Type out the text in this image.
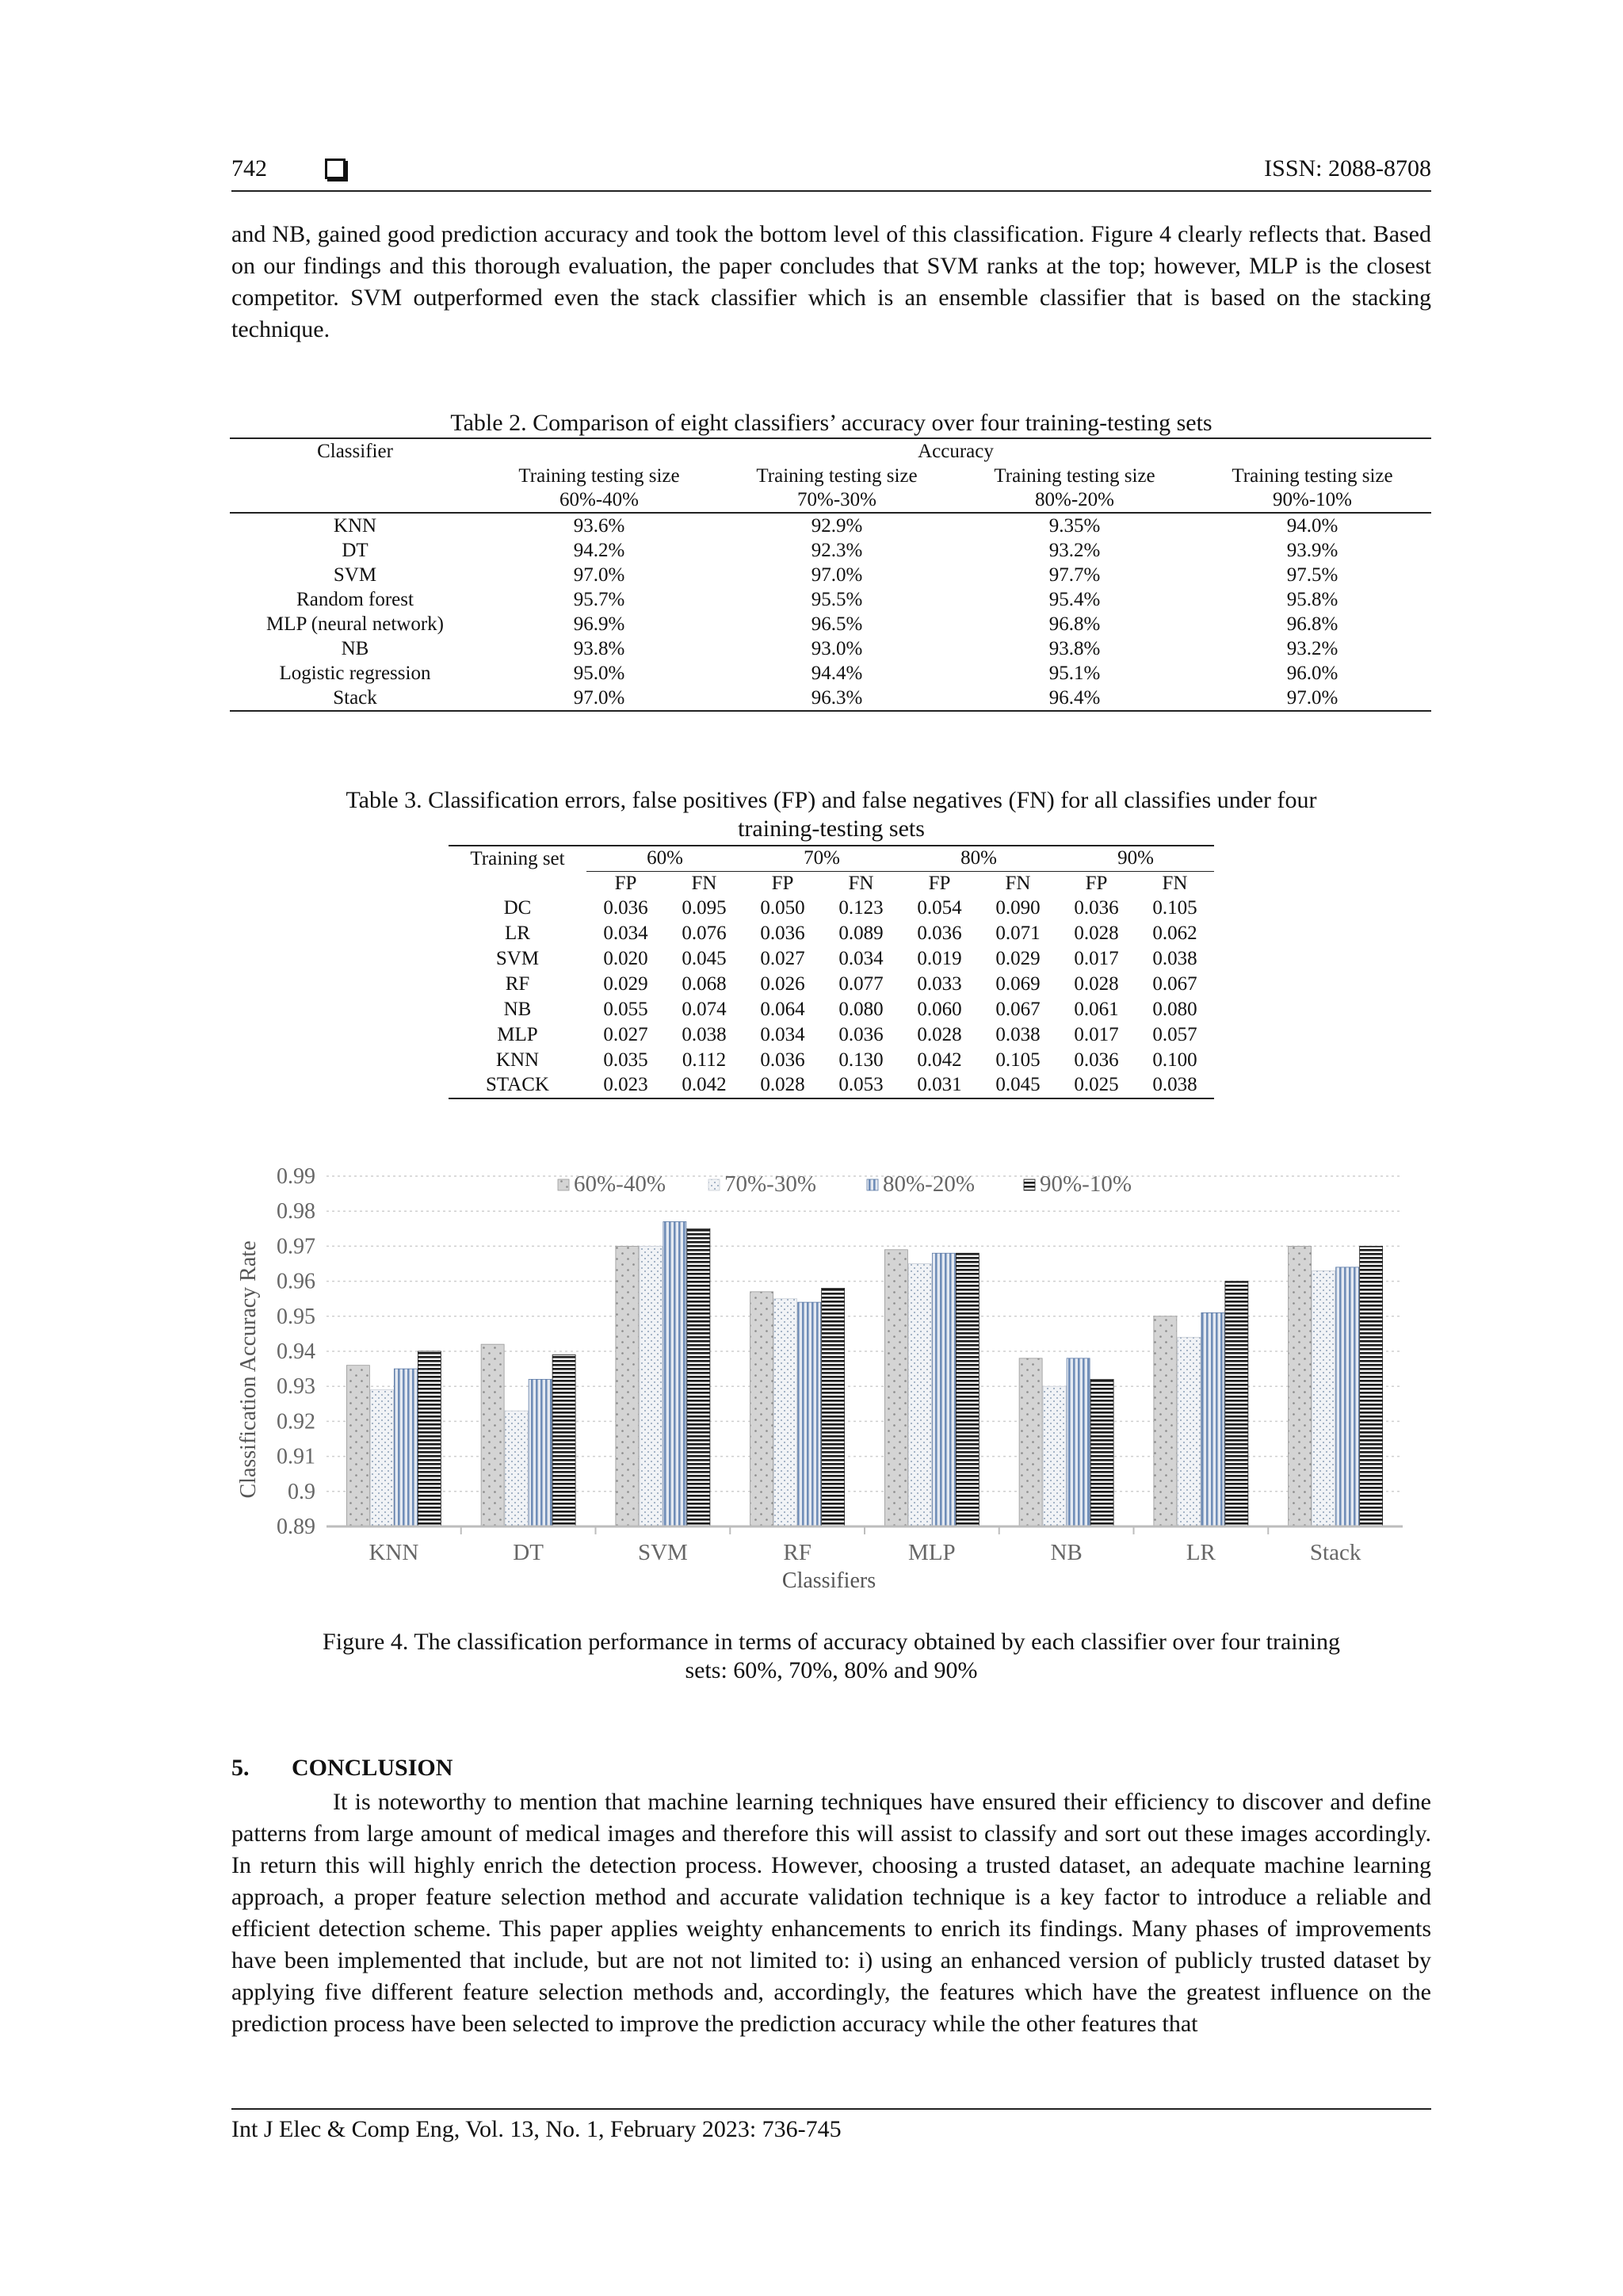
742	ISSN: 2088-8708

and NB, gained good prediction accuracy and took the bottom level of this classification. Figure 4 clearly reflects that. Based on our findings and this thorough evaluation, the paper concludes that SVM ranks at the top; however, MLP is the closest competitor. SVM outperformed even the stack classifier which is an ensemble classifier that is based on the stacking technique.

Table 2. Comparison of eight classifiers’ accuracy over four training-testing sets
Classifier	Accuracy			
	Training testing size	Training testing size	Training testing size	Training testing size
	60%-40%	70%-30%	80%-20%	90%-10%
KNN	93.6%	92.9%	9.35%	94.0%
DT	94.2%	92.3%	93.2%	93.9%
SVM	97.0%	97.0%	97.7%	97.5%
Random forest	95.7%	95.5%	95.4%	95.8%
MLP (neural network)	96.9%	96.5%	96.8%	96.8%
NB	93.8%	93.0%	93.8%	93.2%
Logistic regression	95.0%	94.4%	95.1%	96.0%
Stack	97.0%	96.3%	96.4%	97.0%
Table 3. Classification errors, false positives (FP) and false negatives (FN) for all classifies under four
training-testing sets
Training set	60%		70%		80%		90%	
	FP	FN	FP	FN	FP	FN	FP	FN
DC	0.036	0.095	0.050	0.123	0.054	0.090	0.036	0.105
LR	0.034	0.076	0.036	0.089	0.036	0.071	0.028	0.062
SVM	0.020	0.045	0.027	0.034	0.019	0.029	0.017	0.038
RF	0.029	0.068	0.026	0.077	0.033	0.069	0.028	0.067
NB	0.055	0.074	0.064	0.080	0.060	0.067	0.061	0.080
MLP	0.027	0.038	0.034	0.036	0.028	0.038	0.017	0.057
KNN	0.035	0.112	0.036	0.130	0.042	0.105	0.036	0.100
STACK	0.023	0.042	0.028	0.053	0.031	0.045	0.025	0.038
0.99
0.98
0.97
0.96
0.95
0.94
0.93
0.92
0.91
0.9
0.89
KNN	DT	SVM	RF	MLP	NB	LR	Stack
60%-40%	70%-30%	80%-20%	90%-10%
Classifiers
Classification Accuracy Rate
Figure 4. The classification performance in terms of accuracy obtained by each classifier over four training
sets: 60%, 70%, 80% and 90%
5. CONCLUSION

It is noteworthy to mention that machine learning techniques have ensured their efficiency to discover and define patterns from large amount of medical images and therefore this will assist to classify and sort out these images accordingly. In return this will highly enrich the detection process. However, choosing a trusted dataset, an adequate machine learning approach, a proper feature selection method and accurate validation technique is a key factor to introduce a reliable and efficient detection scheme. This paper applies weighty enhancements to enrich its findings. Many phases of improvements have been implemented that include, but are not not limited to: i) using an enhanced version of publicly trusted dataset by applying five different feature selection methods and, accordingly, the features which have the greatest influence on the prediction process have been selected to improve the prediction accuracy while the other features that

Int J Elec & Comp Eng, Vol. 13, No. 1, February 2023: 736-745
